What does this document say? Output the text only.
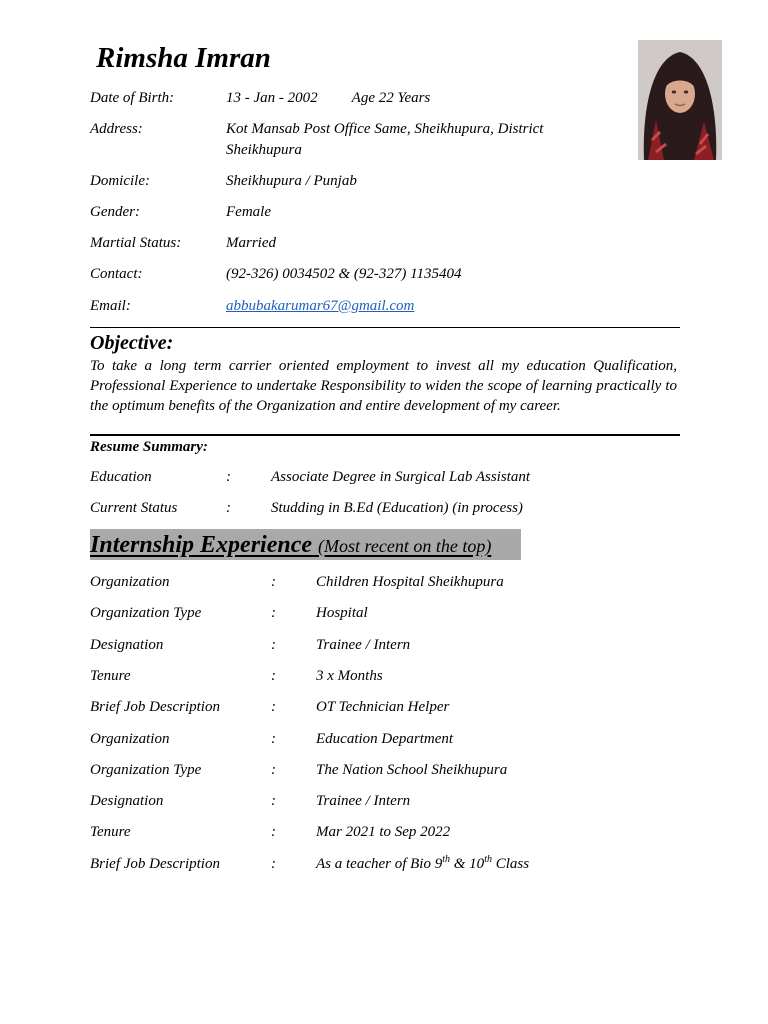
Rimsha Imran
Date of Birth:	13 - Jan - 2002 Age 22 Years
Address:	Kot Mansab Post Office Same, Sheikhupura, District Sheikhupura
Domicile:	Sheikhupura / Punjab
Gender:	Female
Martial Status:	Married
Contact:	(92-326) 0034502 & (92-327) 1135404
Email:	abbubakarumar67@gmail.com
Objective:

To take a long term carrier oriented employment to invest all my education Qualification, Professional Experience to undertake Responsibility to widen the scope of learning practically to the optimum benefits of the Organization and entire development of my career.

Resume Summary:
Education	:	Associate Degree in Surgical Lab Assistant
Current Status	:	Studding in B.Ed (Education) (in process)
Internship Experience (Most recent on the top)
Organization	:	Children Hospital Sheikhupura
Organization Type	:	Hospital
Designation	:	Trainee / Intern
Tenure	:	3 x Months
Brief Job Description	:	OT Technician Helper
Organization	:	Education Department
Organization Type	:	The Nation School Sheikhupura
Designation	:	Trainee / Intern
Tenure	:	Mar 2021 to Sep 2022
Brief Job Description	:	As a teacher of Bio 9th & 10th Class
